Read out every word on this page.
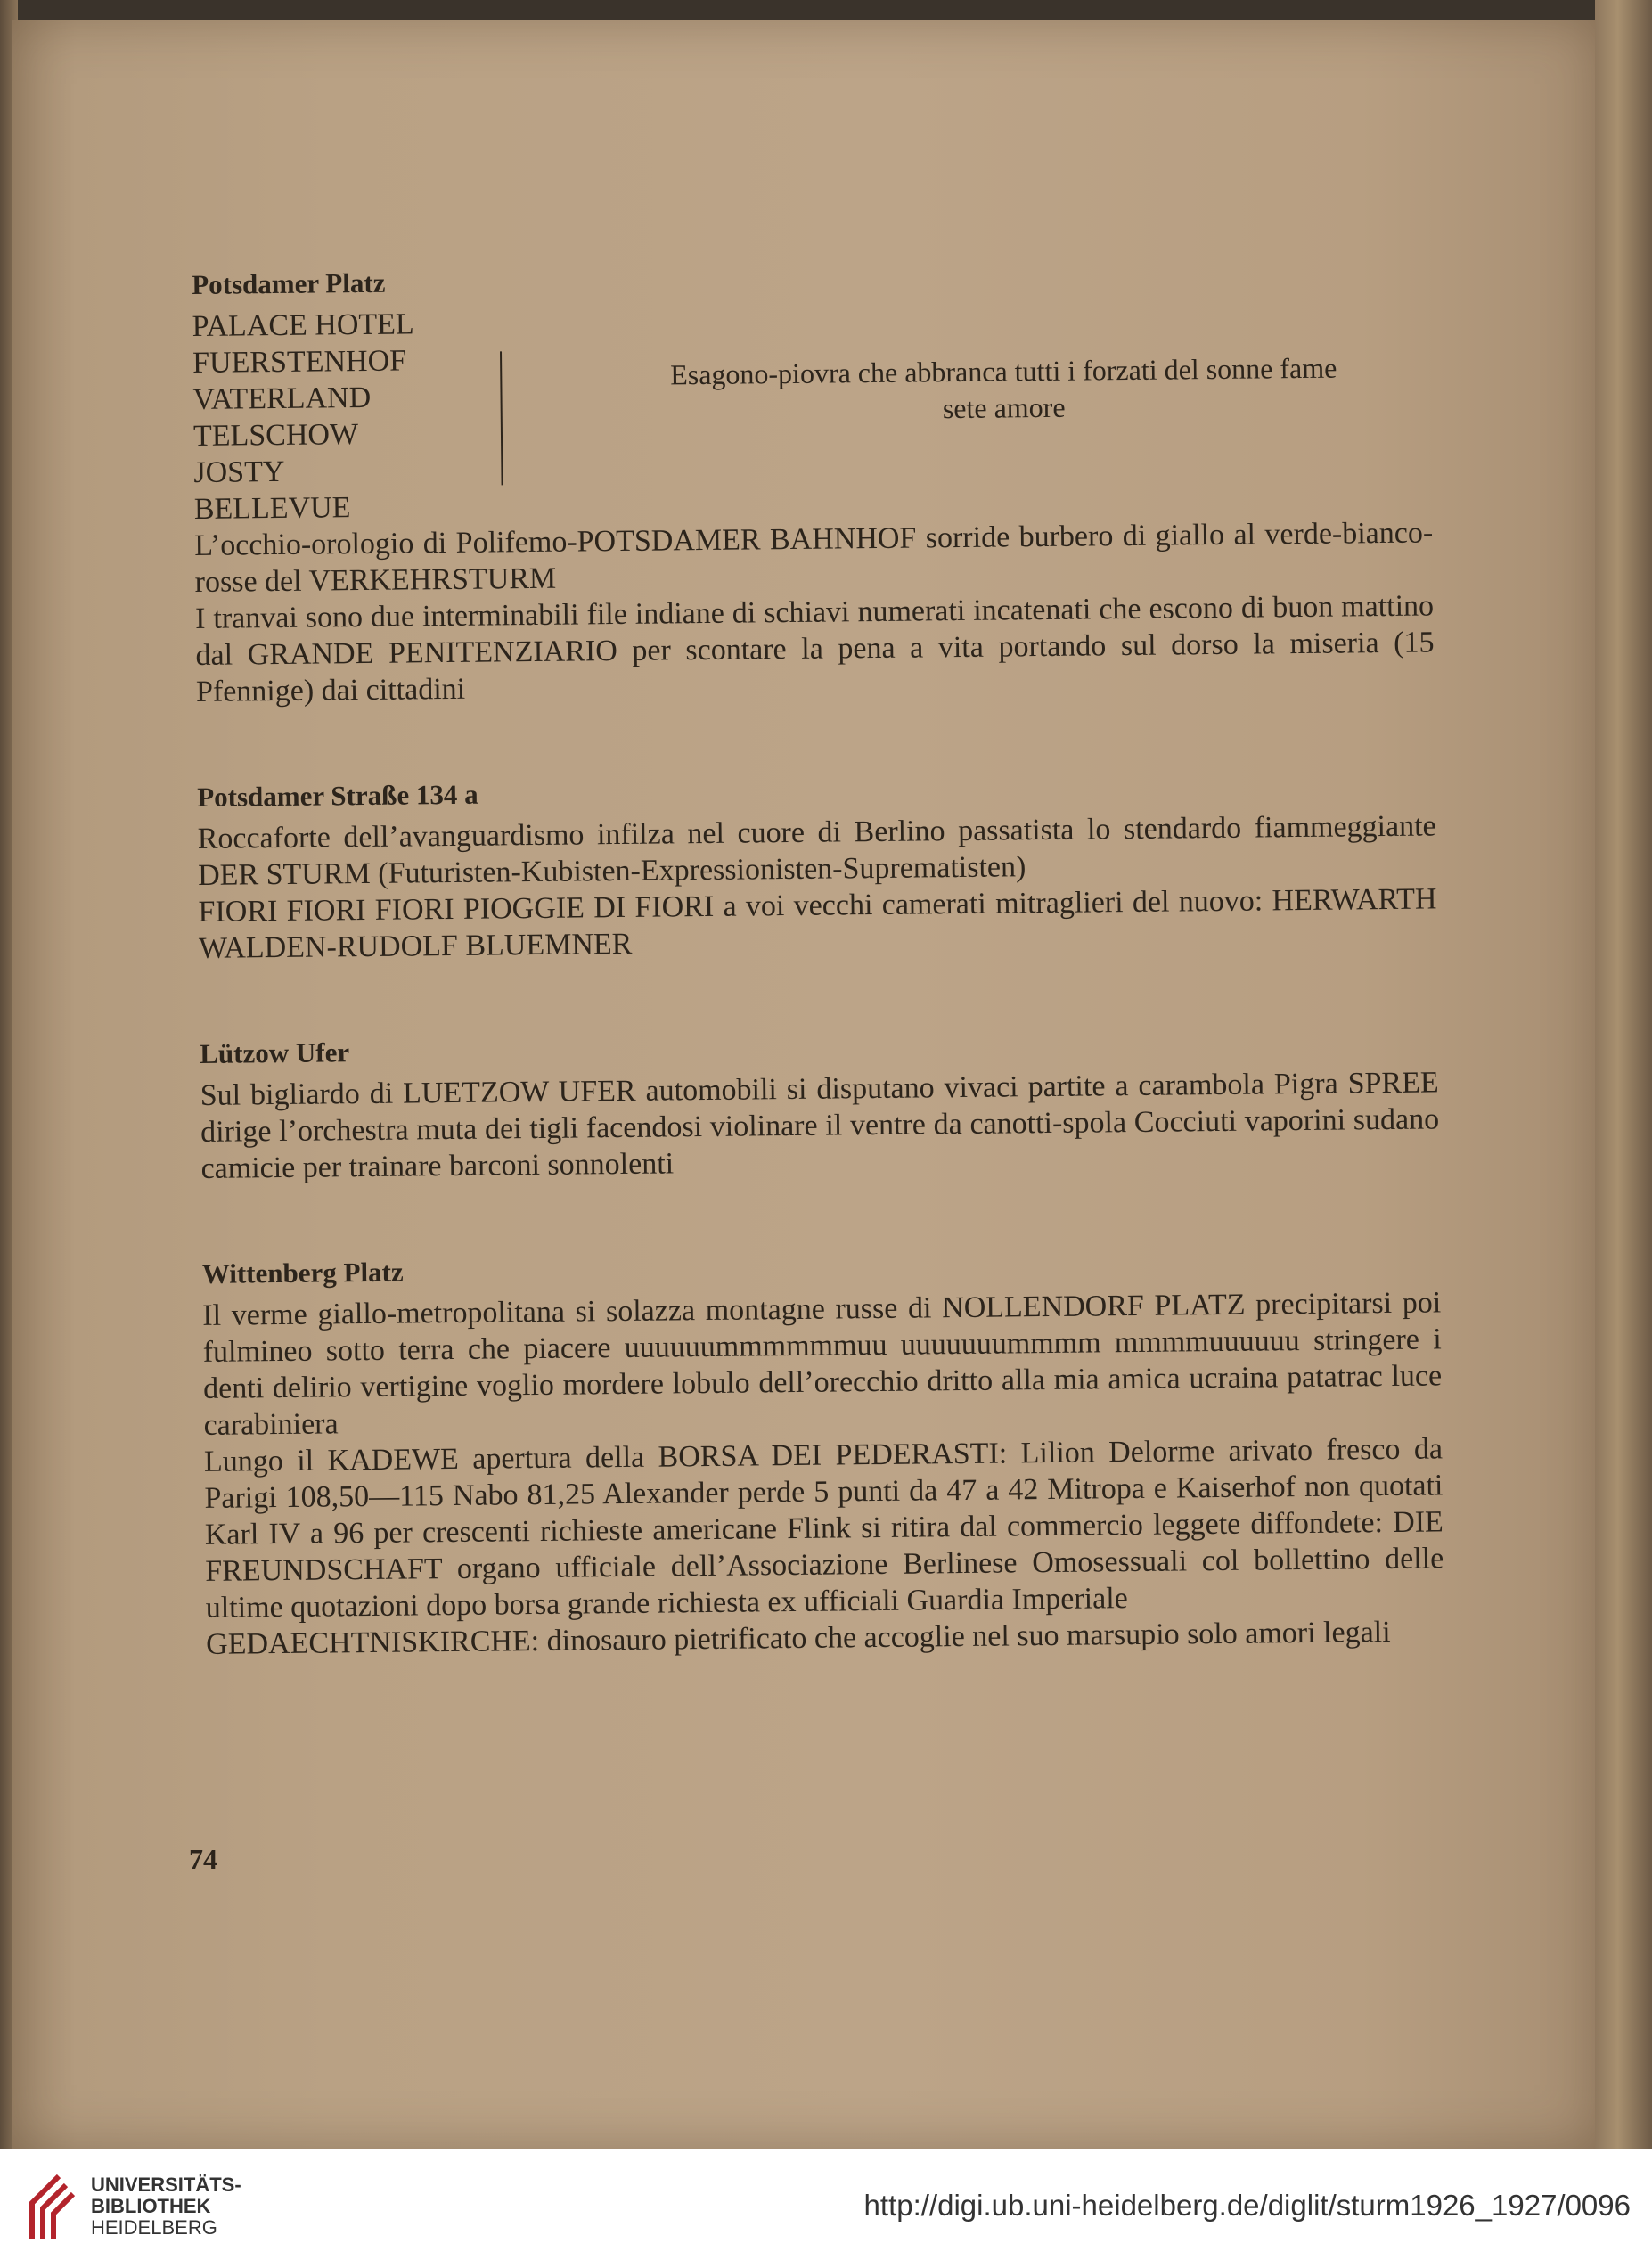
Potsdamer Platz
PALACE HOTEL
FUERSTENHOF
VATERLAND
TELSCHOW
JOSTY
BELLEVUE
Esagono-piovra che abbranca tutti i forzati del sonne fame
sete amore

L’occhio-orologio di Polifemo-POTSDAMER BAHNHOF sorride burbero di giallo al verde-bianco- rosse del VERKEHRSTURM

I tranvai sono due interminabili file indiane di schiavi numerati incatenati che escono di buon mattino dal GRANDE PENITENZIARIO per scontare la pena a vita portando sul dorso la miseria (15 Pfennige) dai cittadini

Potsdamer Straße 134 a

Roccaforte dell’avanguardismo infilza nel cuore di Berlino passatista lo stendardo fiammeggiante DER STURM (Futuristen-Kubisten-Expressionisten-Suprematisten)

FIORI FIORI FIORI PIOGGIE DI FIORI a voi vecchi camerati mitraglieri del nuovo: HERWARTH WALDEN-RUDOLF BLUEMNER

Lützow Ufer

Sul bigliardo di LUETZOW UFER automobili si disputano vivaci partite a carambola Pigra SPREE dirige l’orchestra muta dei tigli facendosi violinare il ventre da canotti-spola Cocciuti vaporini sudano camicie per trainare barconi sonnolenti

Wittenberg Platz

Il verme giallo-metropolitana si solazza montagne russe di NOLLENDORF PLATZ precipitarsi poi fulmineo sotto terra che piacere uuuuuummmmmmuu uuuuuuummmm mmmmuuuuuu stringere i denti delirio vertigine voglio mordere lobulo dell’orecchio dritto alla mia amica ucraina patatrac luce carabiniera

Lungo il KADEWE apertura della BORSA DEI PEDERASTI: Lilion Delorme arivato fresco da Parigi 108,50—115 Nabo 81,25 Alexander perde 5 punti da 47 a 42 Mitropa e Kaiserhof non quotati Karl IV a 96 per crescenti richieste americane Flink si ritira dal commercio leggete diffondete: DIE FREUNDSCHAFT organo ufficiale dell’Associazione Berlinese Omosessuali col bollettino delle ultime quotazioni dopo borsa grande richiesta ex ufficiali Guardia Imperiale

GEDAECHTNISKIRCHE: dinosauro pietrificato che accoglie nel suo marsupio solo amori legali

74
UNIVERSITÄTS-
BIBLIOTHEK
HEIDELBERG
http://digi.ub.uni-heidelberg.de/diglit/sturm1926_1927/0096
